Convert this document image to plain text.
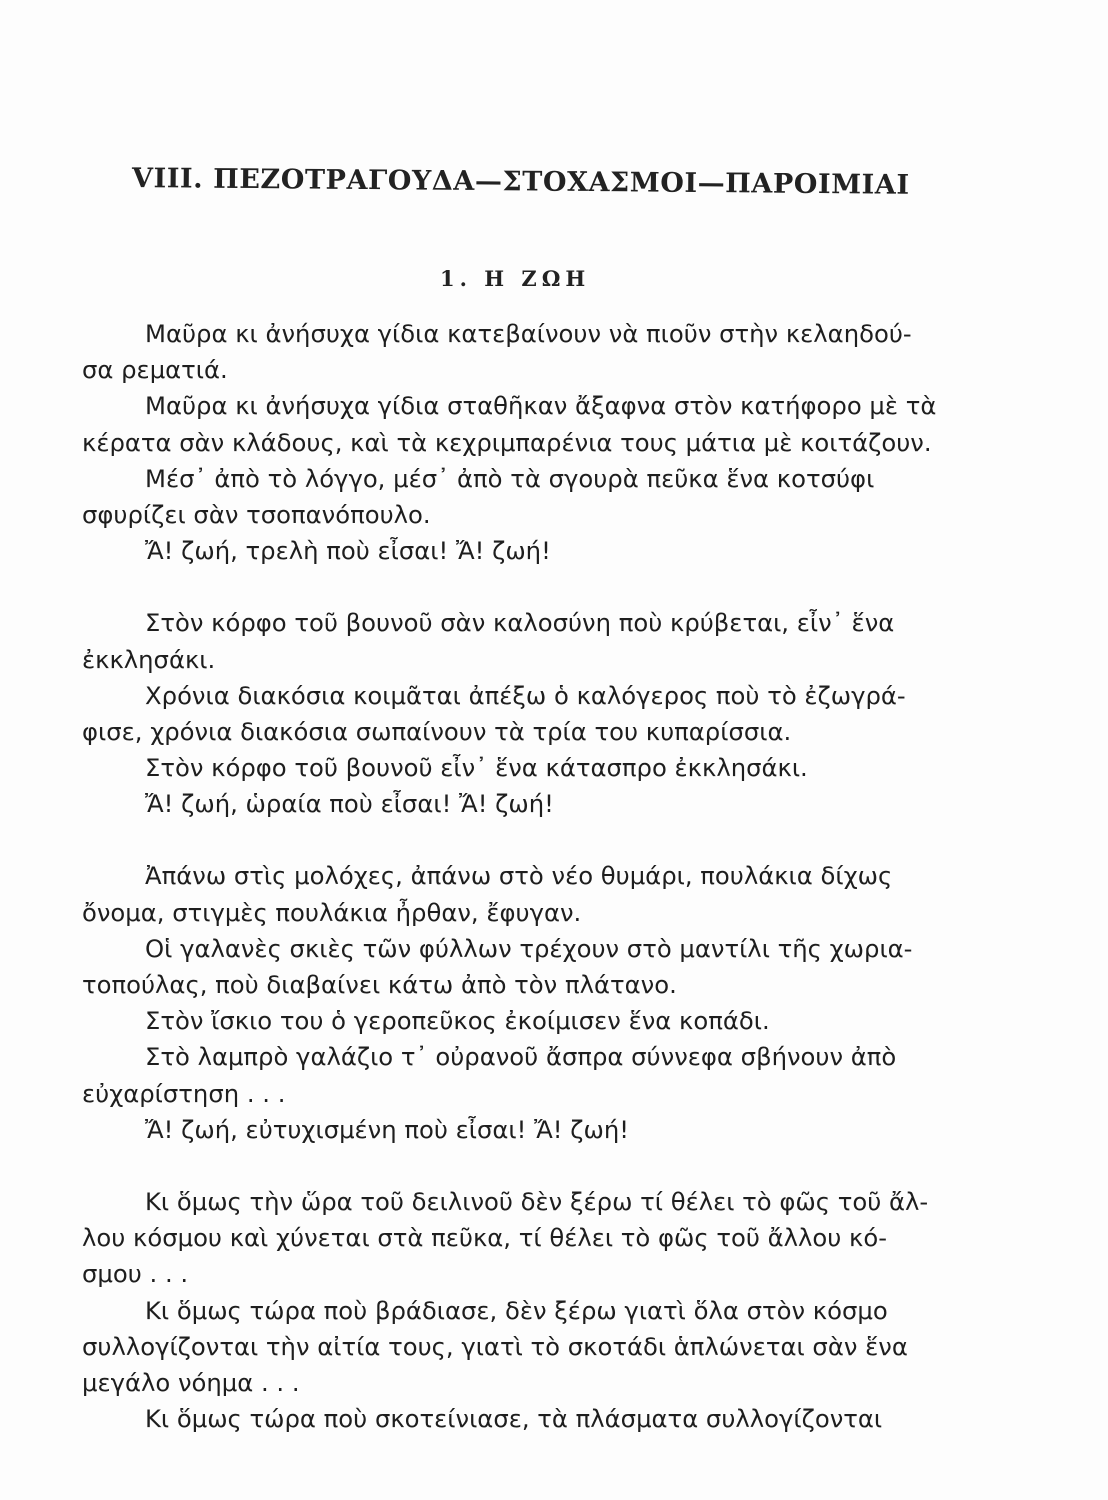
VIII. ΠΕΖΟΤΡΑΓΟΥΔΑ—ΣΤΟΧΑΣΜΟΙ—ΠΑΡΟΙΜΙΑΙ
1. Η ΖΩΗ
Μαῦρα κι ἀνήσυχα γίδια κατεβαίνουν νὰ πιοῦν στὴν κελαηδού-
σα ρεματιά.
Μαῦρα κι ἀνήσυχα γίδια σταθῆκαν ἄξαφνα στὸν κατήφορο μὲ τὰ
κέρατα σὰν κλάδους, καὶ τὰ κεχριμπαρένια τους μάτια μὲ κοιτάζουν.
Μέσ᾽ ἀπὸ τὸ λόγγο, μέσ᾽ ἀπὸ τὰ σγουρὰ πεῦκα ἕνα κοτσύφι
σφυρίζει σὰν τσοπανόπουλο.
Ἄ! ζωή, τρελὴ ποὺ εἶσαι! Ἄ! ζωή!
Στὸν κόρφο τοῦ βουνοῦ σὰν καλοσύνη ποὺ κρύβεται, εἶν᾽ ἕνα
ἐκκλησάκι.
Χρόνια διακόσια κοιμᾶται ἀπέξω ὁ καλόγερος ποὺ τὸ ἐζωγρά-
φισε, χρόνια διακόσια σωπαίνουν τὰ τρία του κυπαρίσσια.
Στὸν κόρφο τοῦ βουνοῦ εἶν᾽ ἕνα κάτασπρο ἐκκλησάκι.
Ἄ! ζωή, ὡραία ποὺ εἶσαι! Ἄ! ζωή!
Ἀπάνω στὶς μολόχες, ἀπάνω στὸ νέο θυμάρι, πουλάκια δίχως
ὄνομα, στιγμὲς πουλάκια ἦρθαν, ἔφυγαν.
Οἱ γαλανὲς σκιὲς τῶν φύλλων τρέχουν στὸ μαντίλι τῆς χωρια-
τοπούλας, ποὺ διαβαίνει κάτω ἀπὸ τὸν πλάτανο.
Στὸν ἴσκιο του ὁ γεροπεῦκος ἐκοίμισεν ἕνα κοπάδι.
Στὸ λαμπρὸ γαλάζιο τ᾽ οὐρανοῦ ἄσπρα σύννεφα σβήνουν ἀπὸ
εὐχαρίστηση . . .
Ἄ! ζωή, εὐτυχισμένη ποὺ εἶσαι! Ἄ! ζωή!
Κι ὅμως τὴν ὥρα τοῦ δειλινοῦ δὲν ξέρω τί θέλει τὸ φῶς τοῦ ἄλ-
λου κόσμου καὶ χύνεται στὰ πεῦκα, τί θέλει τὸ φῶς τοῦ ἄλλου κό-
σμου . . .
Κι ὅμως τώρα ποὺ βράδιασε, δὲν ξέρω γιατὶ ὅλα στὸν κόσμο
συλλογίζονται τὴν αἰτία τους, γιατὶ τὸ σκοτάδι ἁπλώνεται σὰν ἕνα
μεγάλο νόημα . . .
Κι ὅμως τώρα ποὺ σκοτείνιασε, τὰ πλάσματα συλλογίζονται
